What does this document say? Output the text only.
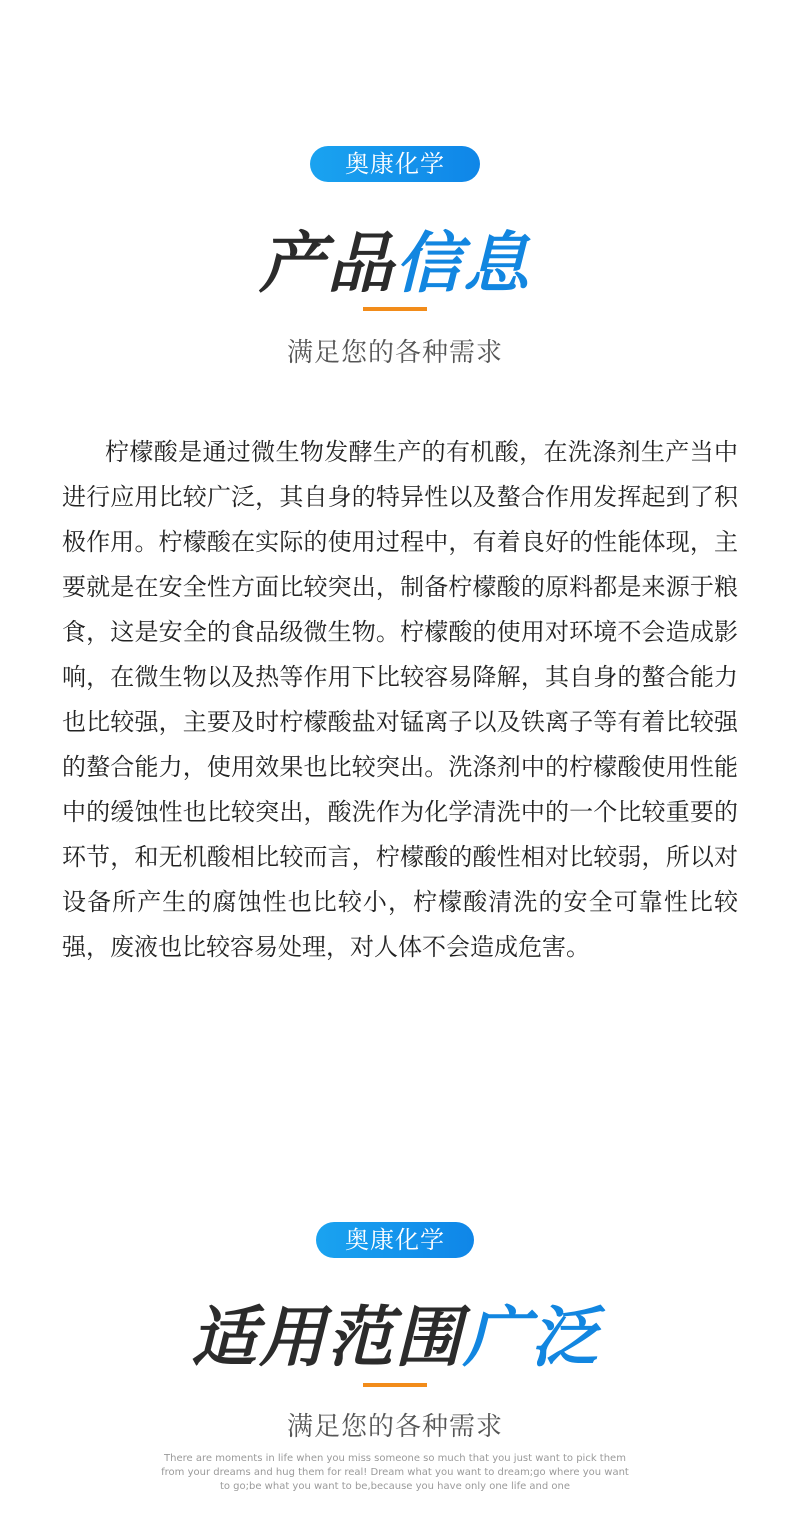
奥康化学
产品信息
满足您的各种需求

柠檬酸是通过微生物发酵生产的有机酸，在洗涤剂生产当中进行应用比较广泛，其自身的特异性以及螯合作用发挥起到了积极作用。柠檬酸在实际的使用过程中，有着良好的性能体现，主要就是在安全性方面比较突出，制备柠檬酸的原料都是来源于粮食，这是安全的食品级微生物。柠檬酸的使用对环境不会造成影响，在微生物以及热等作用下比较容易降解，其自身的螯合能力也比较强，主要及时柠檬酸盐对锰离子以及铁离子等有着比较强的螯合能力，使用效果也比较突出。洗涤剂中的柠檬酸使用性能中的缓蚀性也比较突出，酸洗作为化学清洗中的一个比较重要的环节，和无机酸相比较而言，柠檬酸的酸性相对比较弱，所以对设备所产生的腐蚀性也比较小，柠檬酸清洗的安全可靠性比较强，废液也比较容易处理，对人体不会造成危害。

奥康化学
适用范围广泛
满足您的各种需求

There are moments in life when you miss someone so much that you just want to pick them from your dreams and hug them for real! Dream what you want to dream;go where you want to go;be what you want to be,because you have only one life and one
